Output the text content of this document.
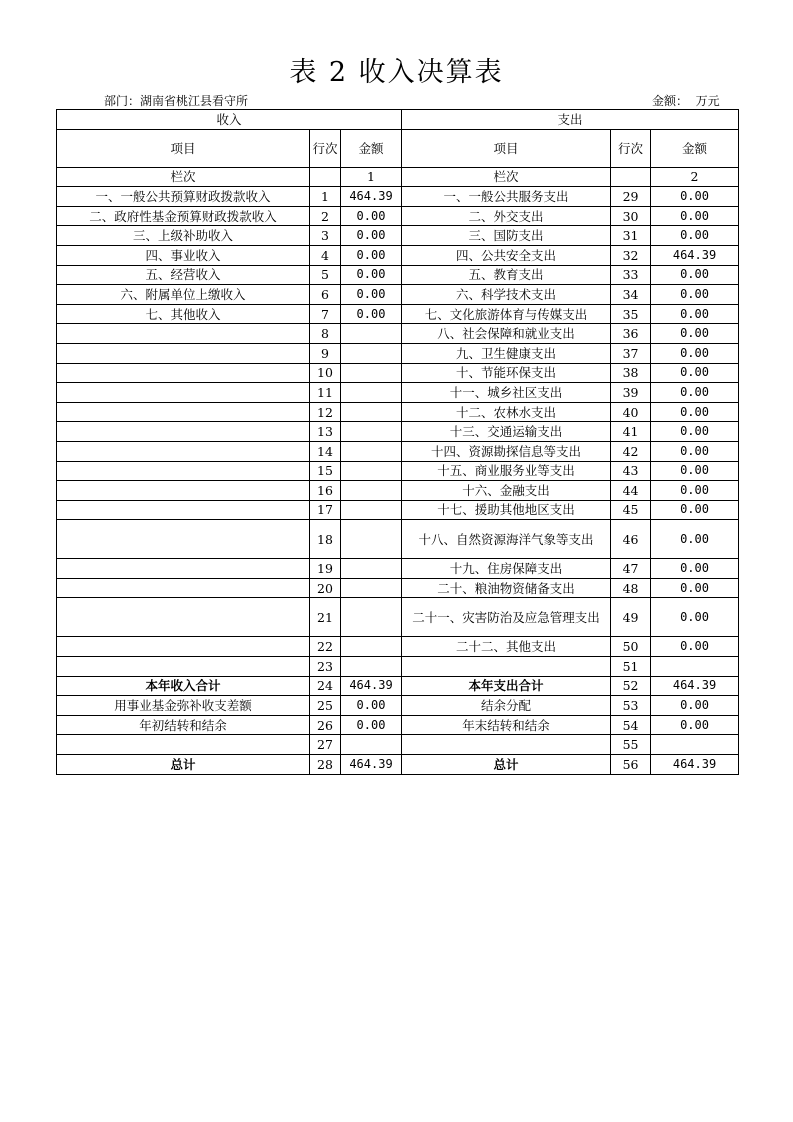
表 2 收入决算表
部门：湖南省桃江县看守所	金额：  万元
收入			支出		
项目	行次	金额	项目	行次	金额
栏次		1	栏次		2
一、一般公共预算财政拨款收入	1	464.39	一、一般公共服务支出	29	0.00
二、政府性基金预算财政拨款收入	2	0.00	二、外交支出	30	0.00
三、上级补助收入	3	0.00	三、国防支出	31	0.00
四、事业收入	4	0.00	四、公共安全支出	32	464.39
五、经营收入	5	0.00	五、教育支出	33	0.00
六、附属单位上缴收入	6	0.00	六、科学技术支出	34	0.00
七、其他收入	7	0.00	七、文化旅游体育与传媒支出	35	0.00
	8		八、社会保障和就业支出	36	0.00
	9		九、卫生健康支出	37	0.00
	10		十、节能环保支出	38	0.00
	11		十一、城乡社区支出	39	0.00
	12		十二、农林水支出	40	0.00
	13		十三、交通运输支出	41	0.00
	14		十四、资源勘探信息等支出	42	0.00
	15		十五、商业服务业等支出	43	0.00
	16		十六、金融支出	44	0.00
	17		十七、援助其他地区支出	45	0.00
	18		十八、自然资源海洋气象等支出	46	0.00
	19		十九、住房保障支出	47	0.00
	20		二十、粮油物资储备支出	48	0.00
	21		二十一、灾害防治及应急管理支出	49	0.00
	22		二十二、其他支出	50	0.00
	23			51	
本年收入合计	24	464.39	本年支出合计	52	464.39
用事业基金弥补收支差额	25	0.00	结余分配	53	0.00
年初结转和结余	26	0.00	年末结转和结余	54	0.00
	27			55	
总计	28	464.39	总计	56	464.39
